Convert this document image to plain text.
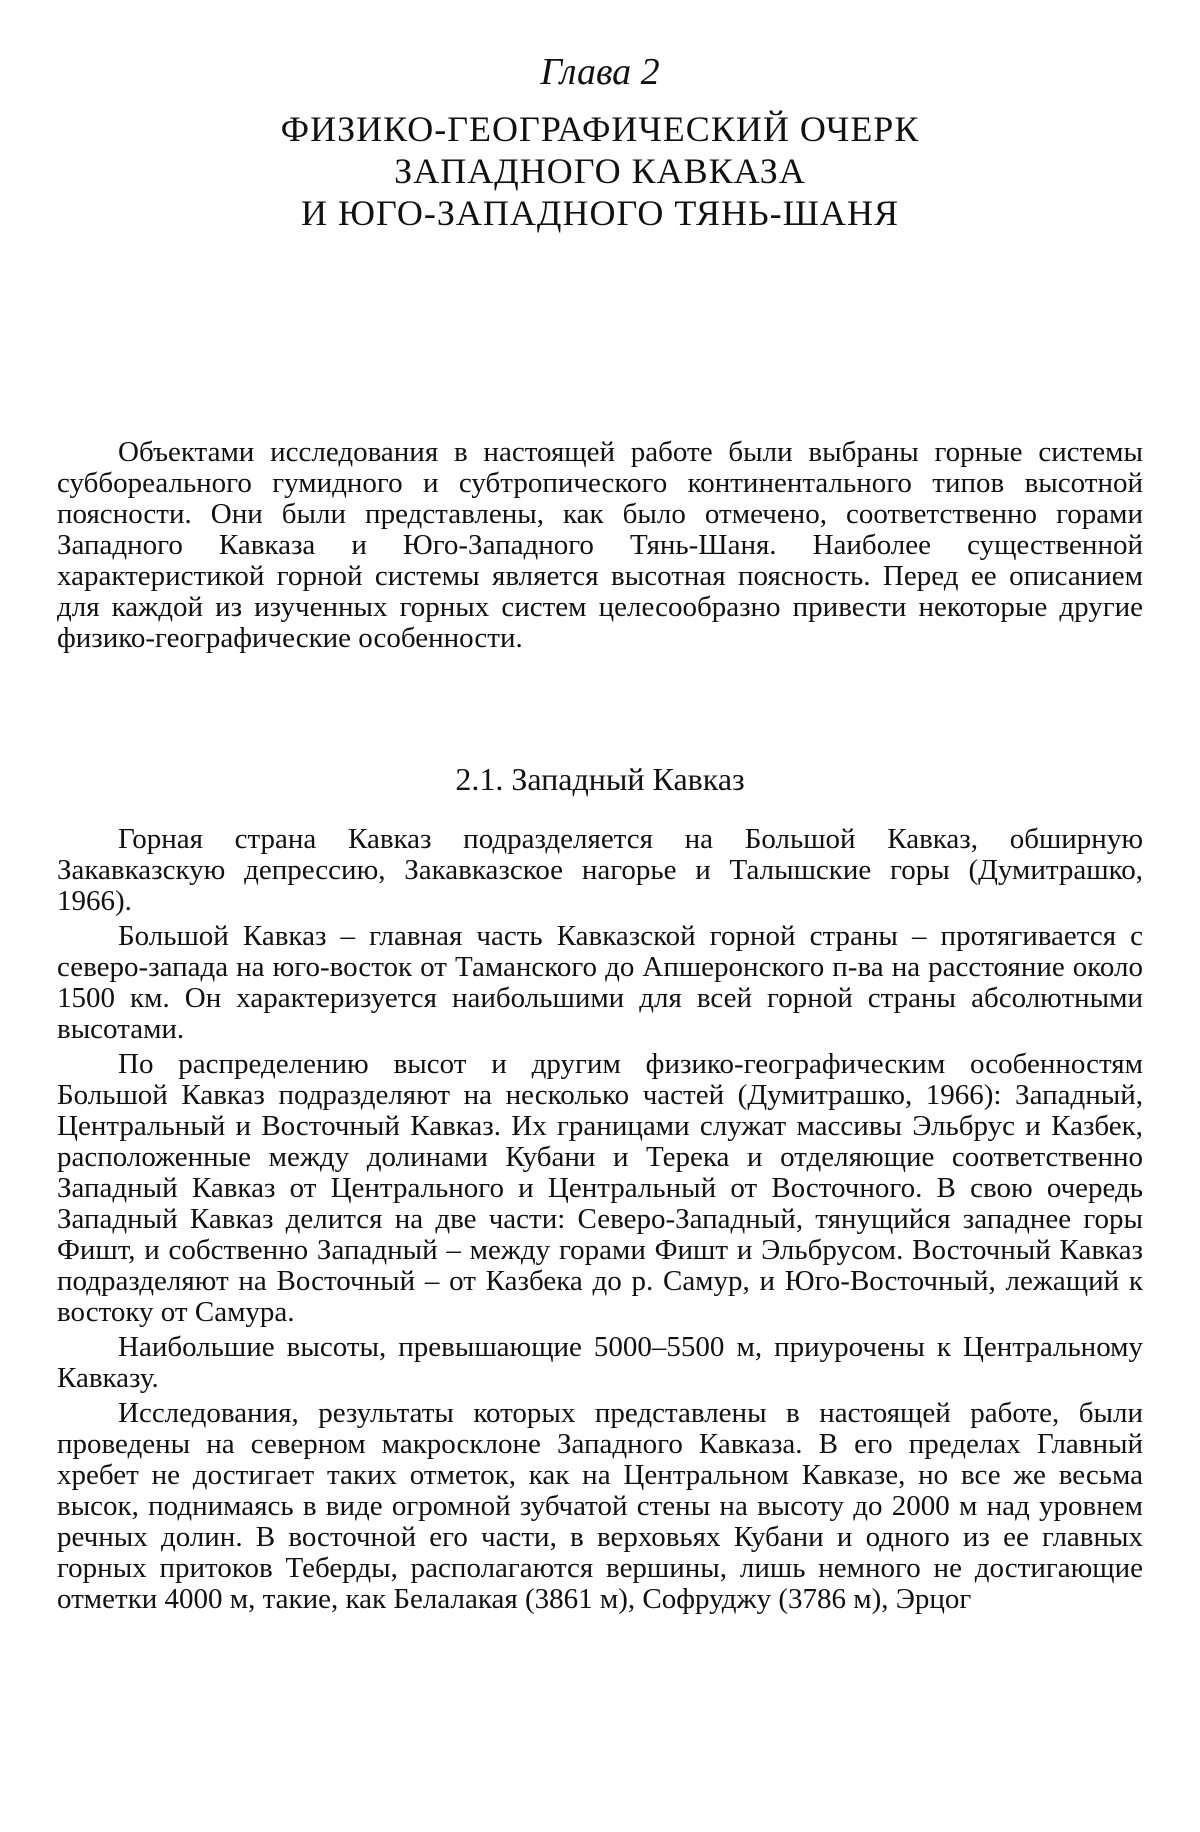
Глава 2
ФИЗИКО-ГЕОГРАФИЧЕСКИЙ ОЧЕРК
ЗАПАДНОГО КАВКАЗА
И ЮГО-ЗАПАДНОГО ТЯНЬ-ШАНЯ

Объектами исследования в настоящей работе были выбраны горные системы суббореального гумидного и субтропического континентального типов высотной поясности. Они были представлены, как было отмечено, соответственно горами Западного Кавказа и Юго-Западного Тянь-Шаня. Наиболее существенной характеристикой горной системы является высотная поясность. Перед ее описанием для каждой из изученных горных систем целесообразно привести некоторые другие физико-географические особенности.

2.1. Западный Кавказ

Горная страна Кавказ подразделяется на Большой Кавказ, обширную Закавказскую депрессию, Закавказское нагорье и Талышские горы (Думитрашко, 1966).

Большой Кавказ – главная часть Кавказской горной страны – протягивается с северо-запада на юго-восток от Таманского до Апшеронского п-ва на расстояние около 1500 км. Он характеризуется наибольшими для всей горной страны абсолютными высотами.

По распределению высот и другим физико-географическим особенностям Большой Кавказ подразделяют на несколько частей (Думитрашко, 1966): Западный, Центральный и Восточный Кавказ. Их границами служат массивы Эльбрус и Казбек, расположенные между долинами Кубани и Терека и отделяющие соответственно Западный Кавказ от Центрального и Центральный от Восточного. В свою очередь Западный Кавказ делится на две части: Северо-Западный, тянущийся западнее горы Фишт, и собственно Западный – между горами Фишт и Эльбрусом. Восточный Кавказ подразделяют на Восточный – от Казбека до р. Самур, и Юго-Восточный, лежащий к востоку от Самура.

Наибольшие высоты, превышающие 5000–5500 м, приурочены к Центральному Кавказу.

Исследования, результаты которых представлены в настоящей работе, были проведены на северном макросклоне Западного Кавказа. В его пределах Главный хребет не достигает таких отметок, как на Центральном Кавказе, но все же весьма высок, поднимаясь в виде огромной зубчатой стены на высоту до 2000 м над уровнем речных долин. В восточной его части, в верховьях Кубани и одного из ее главных горных притоков Теберды, располагаются вершины, лишь немного не достигающие отметки 4000 м, такие, как Белалакая (3861 м), Софруджу (3786 м), Эрцог
